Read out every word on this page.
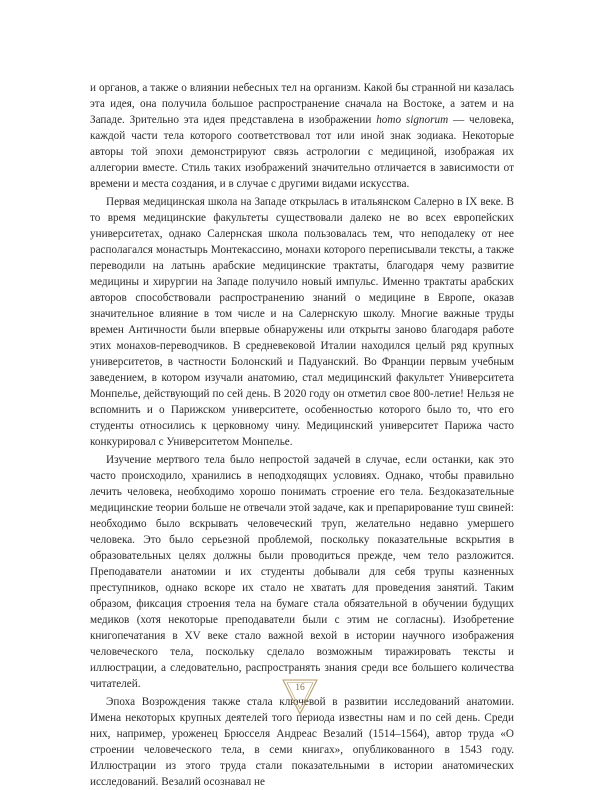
и органов, а также о влиянии небесных тел на организм. Какой бы странной ни казалась эта идея, она получила большое распространение сначала на Востоке, а затем и на Западе. Зрительно эта идея представлена в изображении homo signorum — человека, каждой части тела которого соответствовал тот или иной знак зодиака. Некоторые авторы той эпохи демонстрируют связь астрологии с медициной, изображая их аллегории вместе. Стиль таких изображений значительно отличается в зависимости от времени и места создания, и в случае с другими видами искусства.

Первая медицинская школа на Западе открылась в итальянском Салерно в IX веке. В то время медицинские факультеты существовали далеко не во всех европейских университетах, однако Салернская школа пользовалась тем, что неподалеку от нее располагался монастырь Монтекассино, монахи которого переписывали тексты, а также переводили на латынь арабские медицинские трактаты, благодаря чему развитие медицины и хирургии на Западе получило новый импульс. Именно трактаты арабских авторов способствовали распространению знаний о медицине в Европе, оказав значительное влияние в том числе и на Салернскую школу. Многие важные труды времен Античности были впервые обнаружены или открыты заново благодаря работе этих монахов-переводчиков. В средневековой Италии находился целый ряд крупных университетов, в частности Болонский и Падуанский. Во Франции первым учебным заведением, в котором изучали анатомию, стал медицинский факультет Университета Монпелье, действующий по сей день. В 2020 году он отметил свое 800-летие! Нельзя не вспомнить и о Парижском университете, особенностью которого было то, что его студенты относились к церковному чину. Медицинский университет Парижа часто конкурировал с Университетом Монпелье.

Изучение мертвого тела было непростой задачей в случае, если останки, как это часто происходило, хранились в неподходящих условиях. Однако, чтобы правильно лечить человека, необходимо хорошо понимать строение его тела. Бездоказательные медицинские теории больше не отвечали этой задаче, как и препарирование туш свиней: необходимо было вскрывать человеческий труп, желательно недавно умершего человека. Это было серьезной проблемой, поскольку показательные вскрытия в образовательных целях должны были проводиться прежде, чем тело разложится. Преподаватели анатомии и их студенты добывали для себя трупы казненных преступников, однако вскоре их стало не хватать для проведения занятий. Таким образом, фиксация строения тела на бумаге стала обязательной в обучении будущих медиков (хотя некоторые преподаватели были с этим не согласны). Изобретение книгопечатания в XV веке стало важной вехой в истории научного изображения человеческого тела, поскольку сделало возможным тиражировать тексты и иллюстрации, а следовательно, распространять знания среди все большего количества читателей.

Эпоха Возрождения также стала ключевой в развитии исследований анатомии. Имена некоторых крупных деятелей того периода известны нам и по сей день. Среди них, например, уроженец Брюсселя Андреас Везалий (1514–1564), автор труда «О строении человеческого тела, в семи книгах», опубликованного в 1543 году. Иллюстрации из этого труда стали показательными в истории анатомических исследований. Везалий осознавал не

16
